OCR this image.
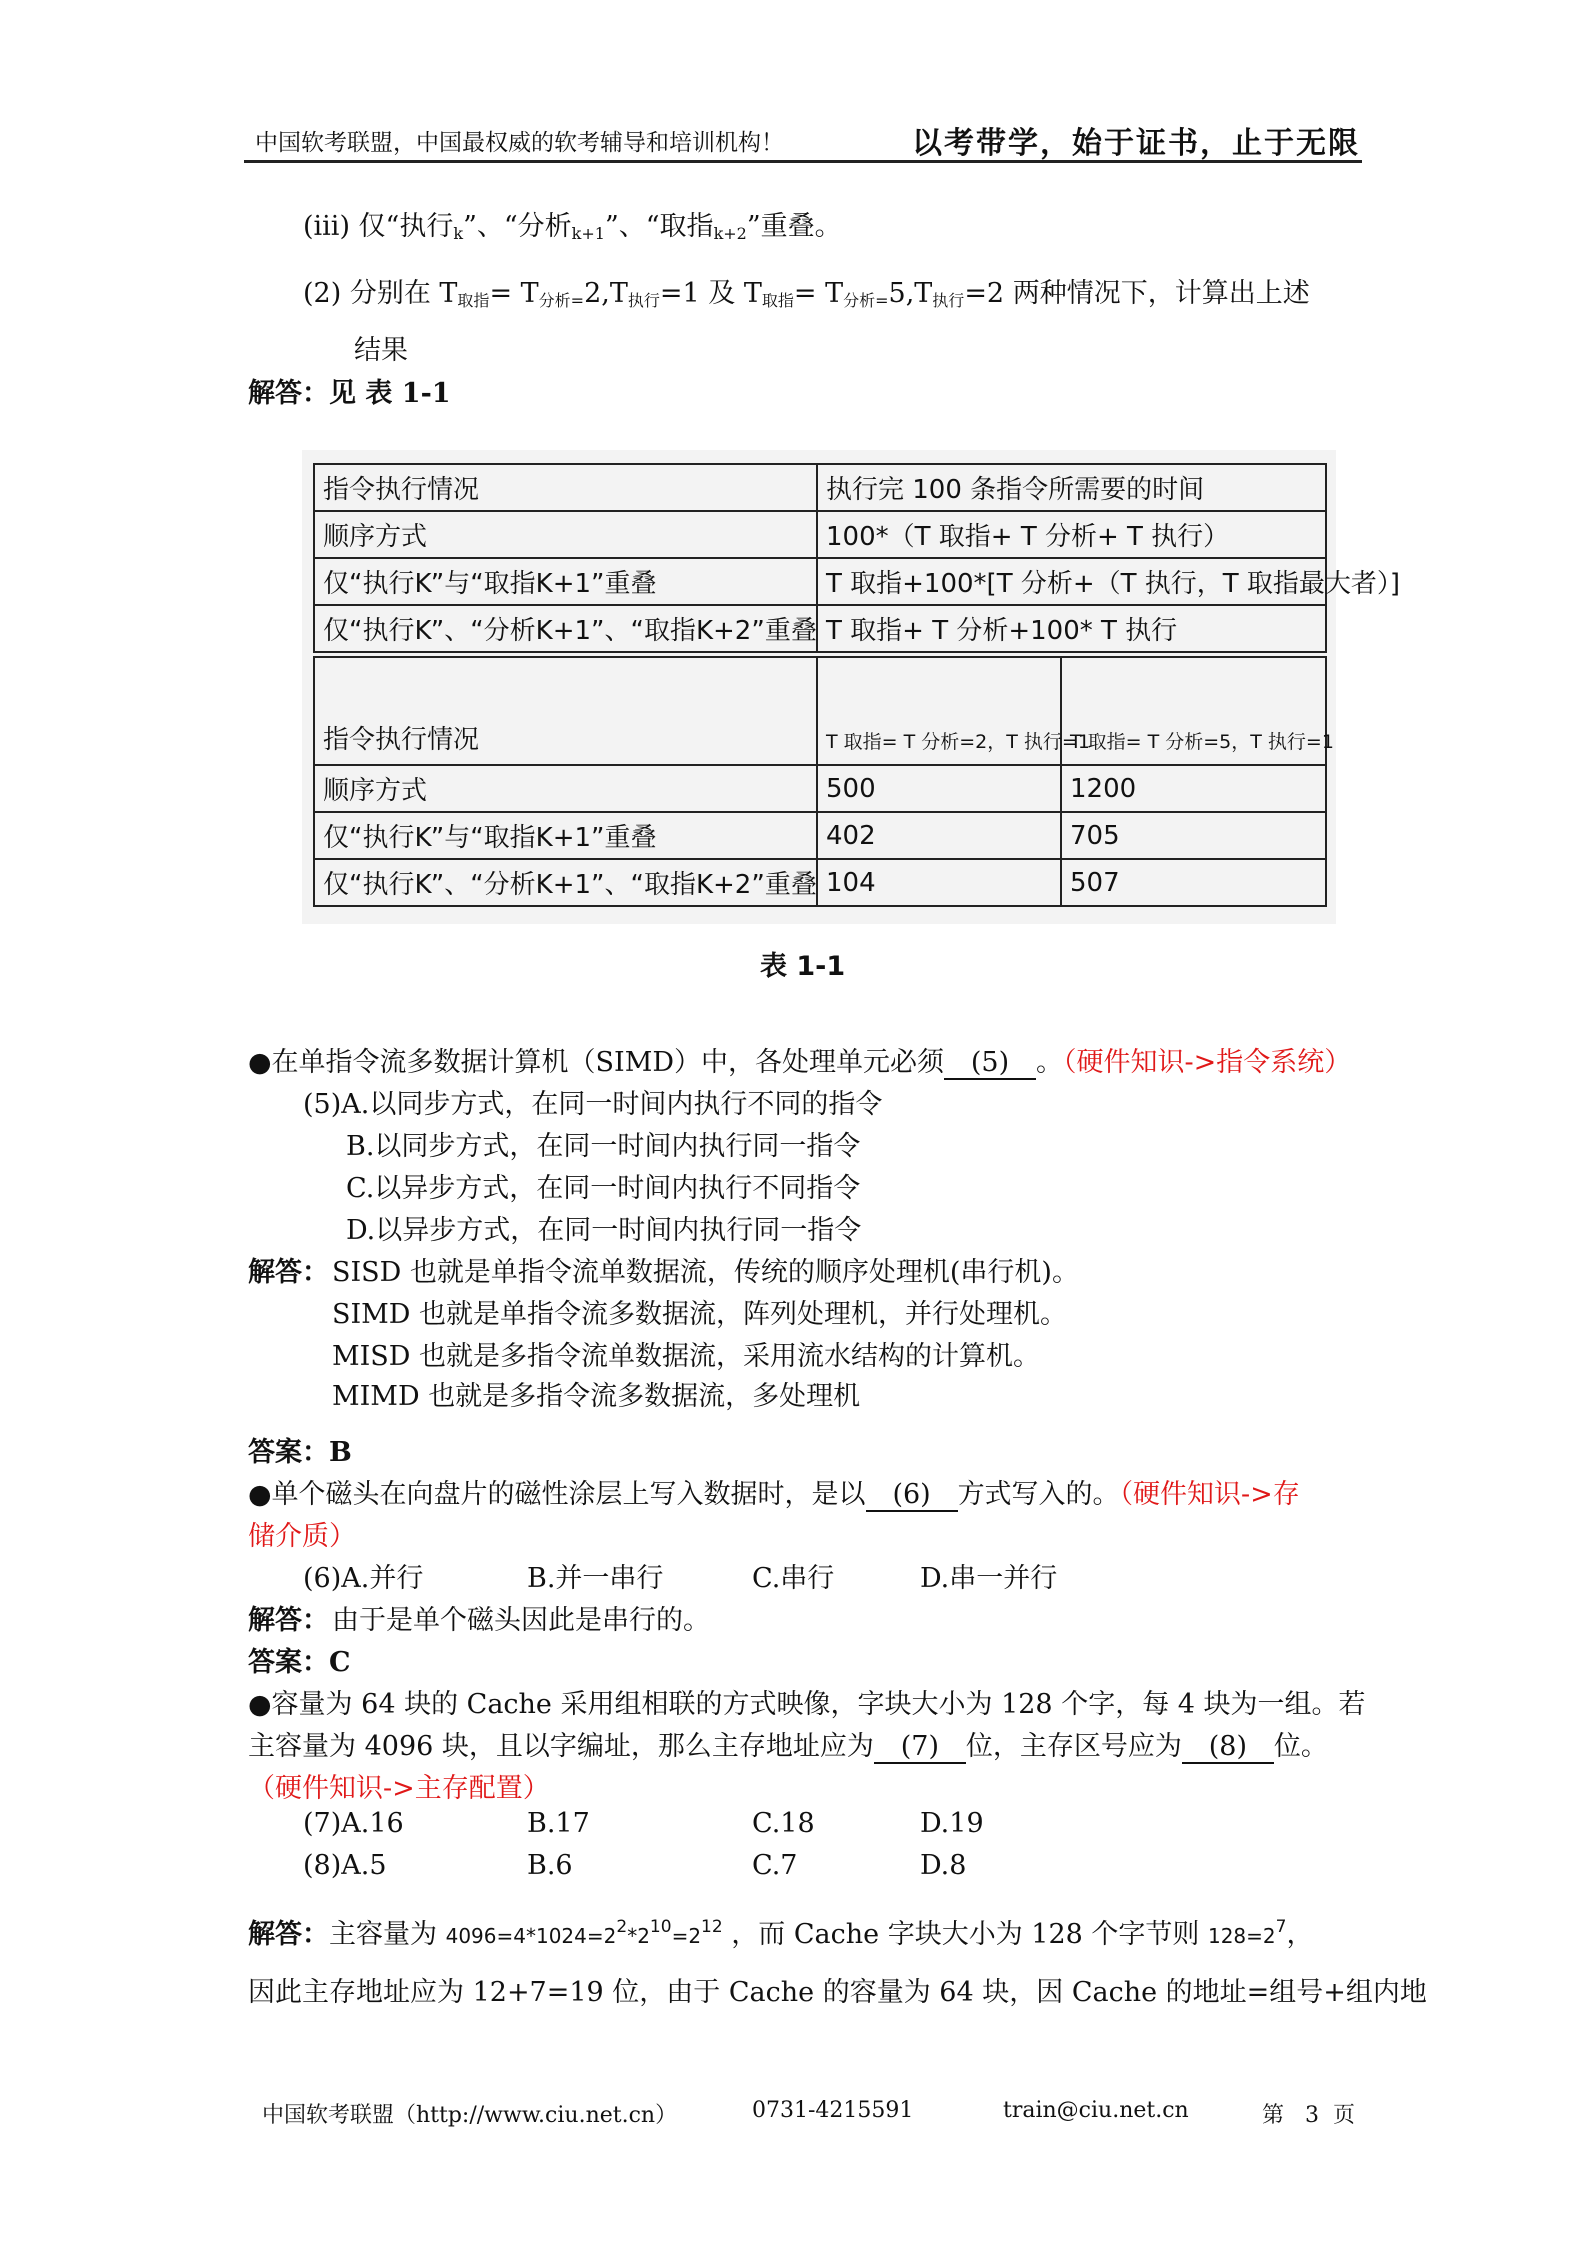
中国软考联盟，中国最权威的软考辅导和培训机构！	以考带学，始于证书，止于无限
(iii) 仅“执行$_k$”、“分析$_{k+1}$”、“取指$_{k+2}$”重叠。
(2) 分别在 $T_{取指}= T_{分析=}2,T_{执行}=1$ 及 $T_{取指}= T_{分析=}5,T_{执行}=2$ 两种情况下，计算出上述
结果
解答：见 表 1-1
指令执行情况	执行完 100 条指令所需要的时间
顺序方式	100*（T 取指+ T 分析+ T 执行）
仅“执行K”与“取指K+1”重叠	T 取指+100*[T 分析+（T 执行，T 取指最大者）]
仅“执行K”、“分析K+1”、“取指K+2”重叠	T 取指+ T 分析+100* T 执行
指令执行情况	T 取指= T 分析=2，T 执行=1	T 取指= T 分析=5，T 执行=1
顺序方式	500	1200
仅“执行K”与“取指K+1”重叠	402	705
仅“执行K”、“分析K+1”、“取指K+2”重叠	104	507
表 1-1
●在单指令流多数据计算机（SIMD）中，各处理单元必须 (5) 。（硬件知识->指令系统）
(5)A.以同步方式，在同一时间内执行不同的指令
B.以同步方式，在同一时间内执行同一指令
C.以异步方式，在同一时间内执行不同指令
D.以异步方式，在同一时间内执行同一指令
解答： SISD 也就是单指令流单数据流，传统的顺序处理机(串行机)。
SIMD 也就是单指令流多数据流，阵列处理机，并行处理机。
MISD 也就是多指令流单数据流，采用流水结构的计算机。
MIMD 也就是多指令流多数据流，多处理机
答案：B
●单个磁头在向盘片的磁性涂层上写入数据时，是以 (6) 方式写入的。（硬件知识->存
储介质）
(6)A.并行	B.并一串行	C.串行	D.串一并行
解答： 由于是单个磁头因此是串行的。
答案：C
●容量为 64 块的 Cache 采用组相联的方式映像，字块大小为 128 个字，每 4 块为一组。若
主容量为 4096 块，且以字编址，那么主存地址应为 (7) 位，主存区号应为 (8) 位。
（硬件知识->主存配置）
(7)A.16	B.17	C.18	D.19
(8)A.5	B.6	C.7	D.8
解答：主容量为 $4096=4*1024=2^2*2^{10}=2^{12}$ ，而 Cache 字块大小为 128 个字节则 $128=2^7$，
因此主存地址应为 12+7=19 位，由于 Cache 的容量为 64 块，因 Cache 的地址=组号+组内地
中国软考联盟（http://www.ciu.net.cn）	0731-4215591	train@ciu.net.cn	第   3  页
